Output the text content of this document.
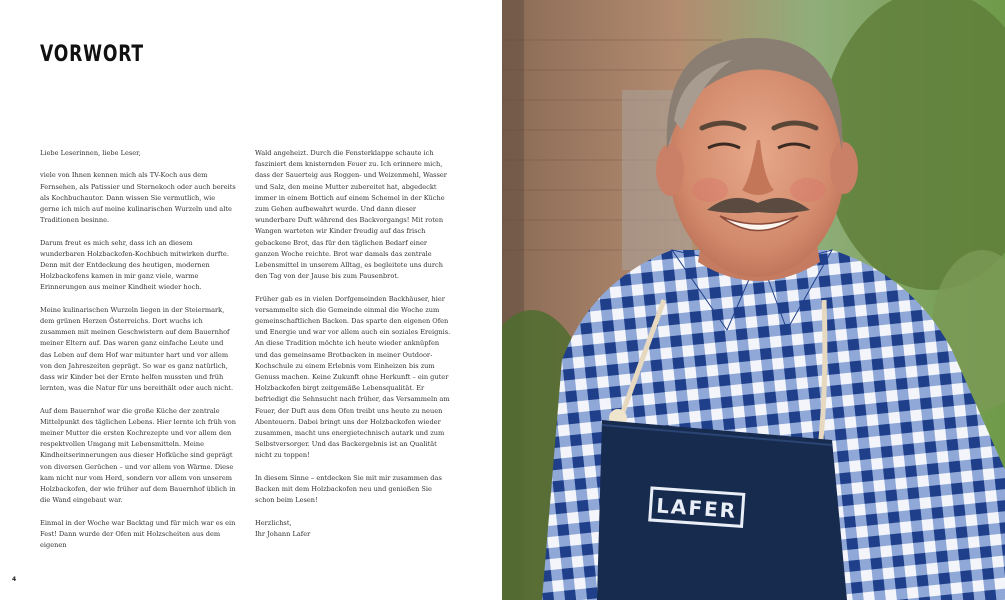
VORWORT

Liebe Leserinnen, liebe Leser,

viele von Ihnen kennen mich als TV-Koch aus dem Fernsehen, als Patissier und Sternekoch oder auch bereits als Kochbuchautor. Dann wissen Sie vermutlich, wie gerne ich mich auf meine kulinarischen Wurzeln und alte Traditionen besinne.

Darum freut es mich sehr, dass ich an diesem wunderbaren Holzbackofen-Kochbuch mitwirken durfte. Denn mit der Entdeckung des heutigen, modernen Holzbackofens kamen in mir ganz viele, warme Erinnerungen aus meiner Kindheit wieder hoch.

Meine kulinarischen Wurzeln liegen in der Steiermark, dem grünen Herzen Österreichs. Dort wuchs ich zusammen mit meinen Geschwistern auf dem Bauernhof meiner Eltern auf. Das waren ganz einfache Leute und das Leben auf dem Hof war mitunter hart und vor allem von den Jahreszeiten geprägt. So war es ganz natürlich, dass wir Kinder bei der Ernte helfen mussten und früh lernten, was die Natur für uns bereithält oder auch nicht.

Auf dem Bauernhof war die große Küche der zentrale Mittelpunkt des täglichen Lebens. Hier lernte ich früh von meiner Mutter die ersten Kochrezepte und vor allem den respektvollen Umgang mit Lebensmitteln. Meine Kindheitserinnerungen aus dieser Hofküche sind geprägt von diversen Gerüchen – und vor allem von Wärme. Diese kam nicht nur vom Herd, sondern vor allem von unserem Holzbackofen, der wie früher auf dem Bauernhof üblich in die Wand eingebaut war.

Einmal in der Woche war Backtag und für mich war es ein Fest! Dann wurde der Ofen mit Holzscheiten aus dem eigenen

Wald angeheizt. Durch die Fensterklappe schaute ich fasziniert dem knisternden Feuer zu. Ich erinnere mich, dass der Sauerteig aus Roggen- und Weizenmehl, Wasser und Salz, den meine Mutter zubereitet hat, abgedeckt immer in einem Bottich auf einem Schemel in der Küche zum Gehen aufbewahrt wurde. Und dann dieser wunderbare Duft während des Backvorgangs! Mit roten Wangen warteten wir Kinder freudig auf das frisch gebackene Brot, das für den täglichen Bedarf einer ganzen Woche reichte. Brot war damals das zentrale Lebensmittel in unserem Alltag, es begleitete uns durch den Tag von der Jause bis zum Pausenbrot.

Früher gab es in vielen Dorfgemeinden Backhäuser, hier versammelte sich die Gemeinde einmal die Woche zum gemeinschaftlichen Backen. Das sparte den eigenen Ofen und Energie und war vor allem auch ein soziales Ereignis. An diese Tradition möchte ich heute wieder anknüpfen und das gemeinsame Brotbacken in meiner Outdoor-Kochschule zu einem Erlebnis vom Einheizen bis zum Genuss machen. Keine Zukunft ohne Herkunft – ein guter Holzbackofen birgt zeitgemäße Lebensqualität. Er befriedigt die Sehnsucht nach früher, das Versammeln am Feuer, der Duft aus dem Ofen treibt uns heute zu neuen Abenteuern. Dabei bringt uns der Holzbackofen wieder zusammen, macht uns energietechnisch autark und zum Selbstversorger. Und das Backergebnis ist an Qualität nicht zu toppen!

In diesem Sinne – entdecken Sie mit mir zusammen das Backen mit dem Holzbackofen neu und genießen Sie schon beim Lesen!

Herzlichst,
Ihr Johann Lafer

4
LAFER
